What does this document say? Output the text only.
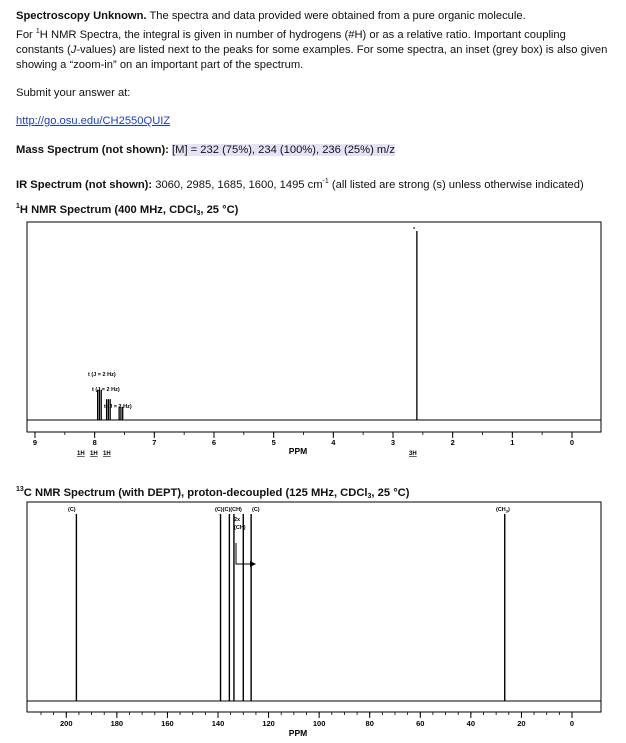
Spectroscopy Unknown. The spectra and data provided were obtained from a pure organic molecule.
For $^1$H NMR Spectra, the integral is given in number of hydrogens (#H) or as a relative ratio. Important coupling constants (J-values) are listed next to the peaks for some examples. For some spectra, an inset (grey box) is also given showing a “zoom-in” on an important part of the spectrum.

Submit your answer at:

http://go.osu.edu/CH2550QUIZ

Mass Spectrum (not shown): [M] = 232 (75%), 234 (100%), 236 (25%) m/z

IR Spectrum (not shown): 3060, 2985, 1685, 1600, 1495 $cm^{-1}$ (all listed are strong (s) unless otherwise indicated)

$^1$H NMR Spectrum (400 MHz, CDCl$_3$, 25 °C)
9	8	7	6	5	4	3	2	1	0
t (J = 2 Hz)
t (J = 2 Hz)
t (J = 2 Hz)
s
1H 1H 1H	3H
PPM
$^{13}$C NMR Spectrum (with DEPT), proton-decoupled (125 MHz, CDCl$_3$, 25 °C)
200	180	160	140	120	100	80	60	40	20	0
(C)	(C)(C)(CH) (C)	$(CH_3)$
2x
(CH)
PPM
